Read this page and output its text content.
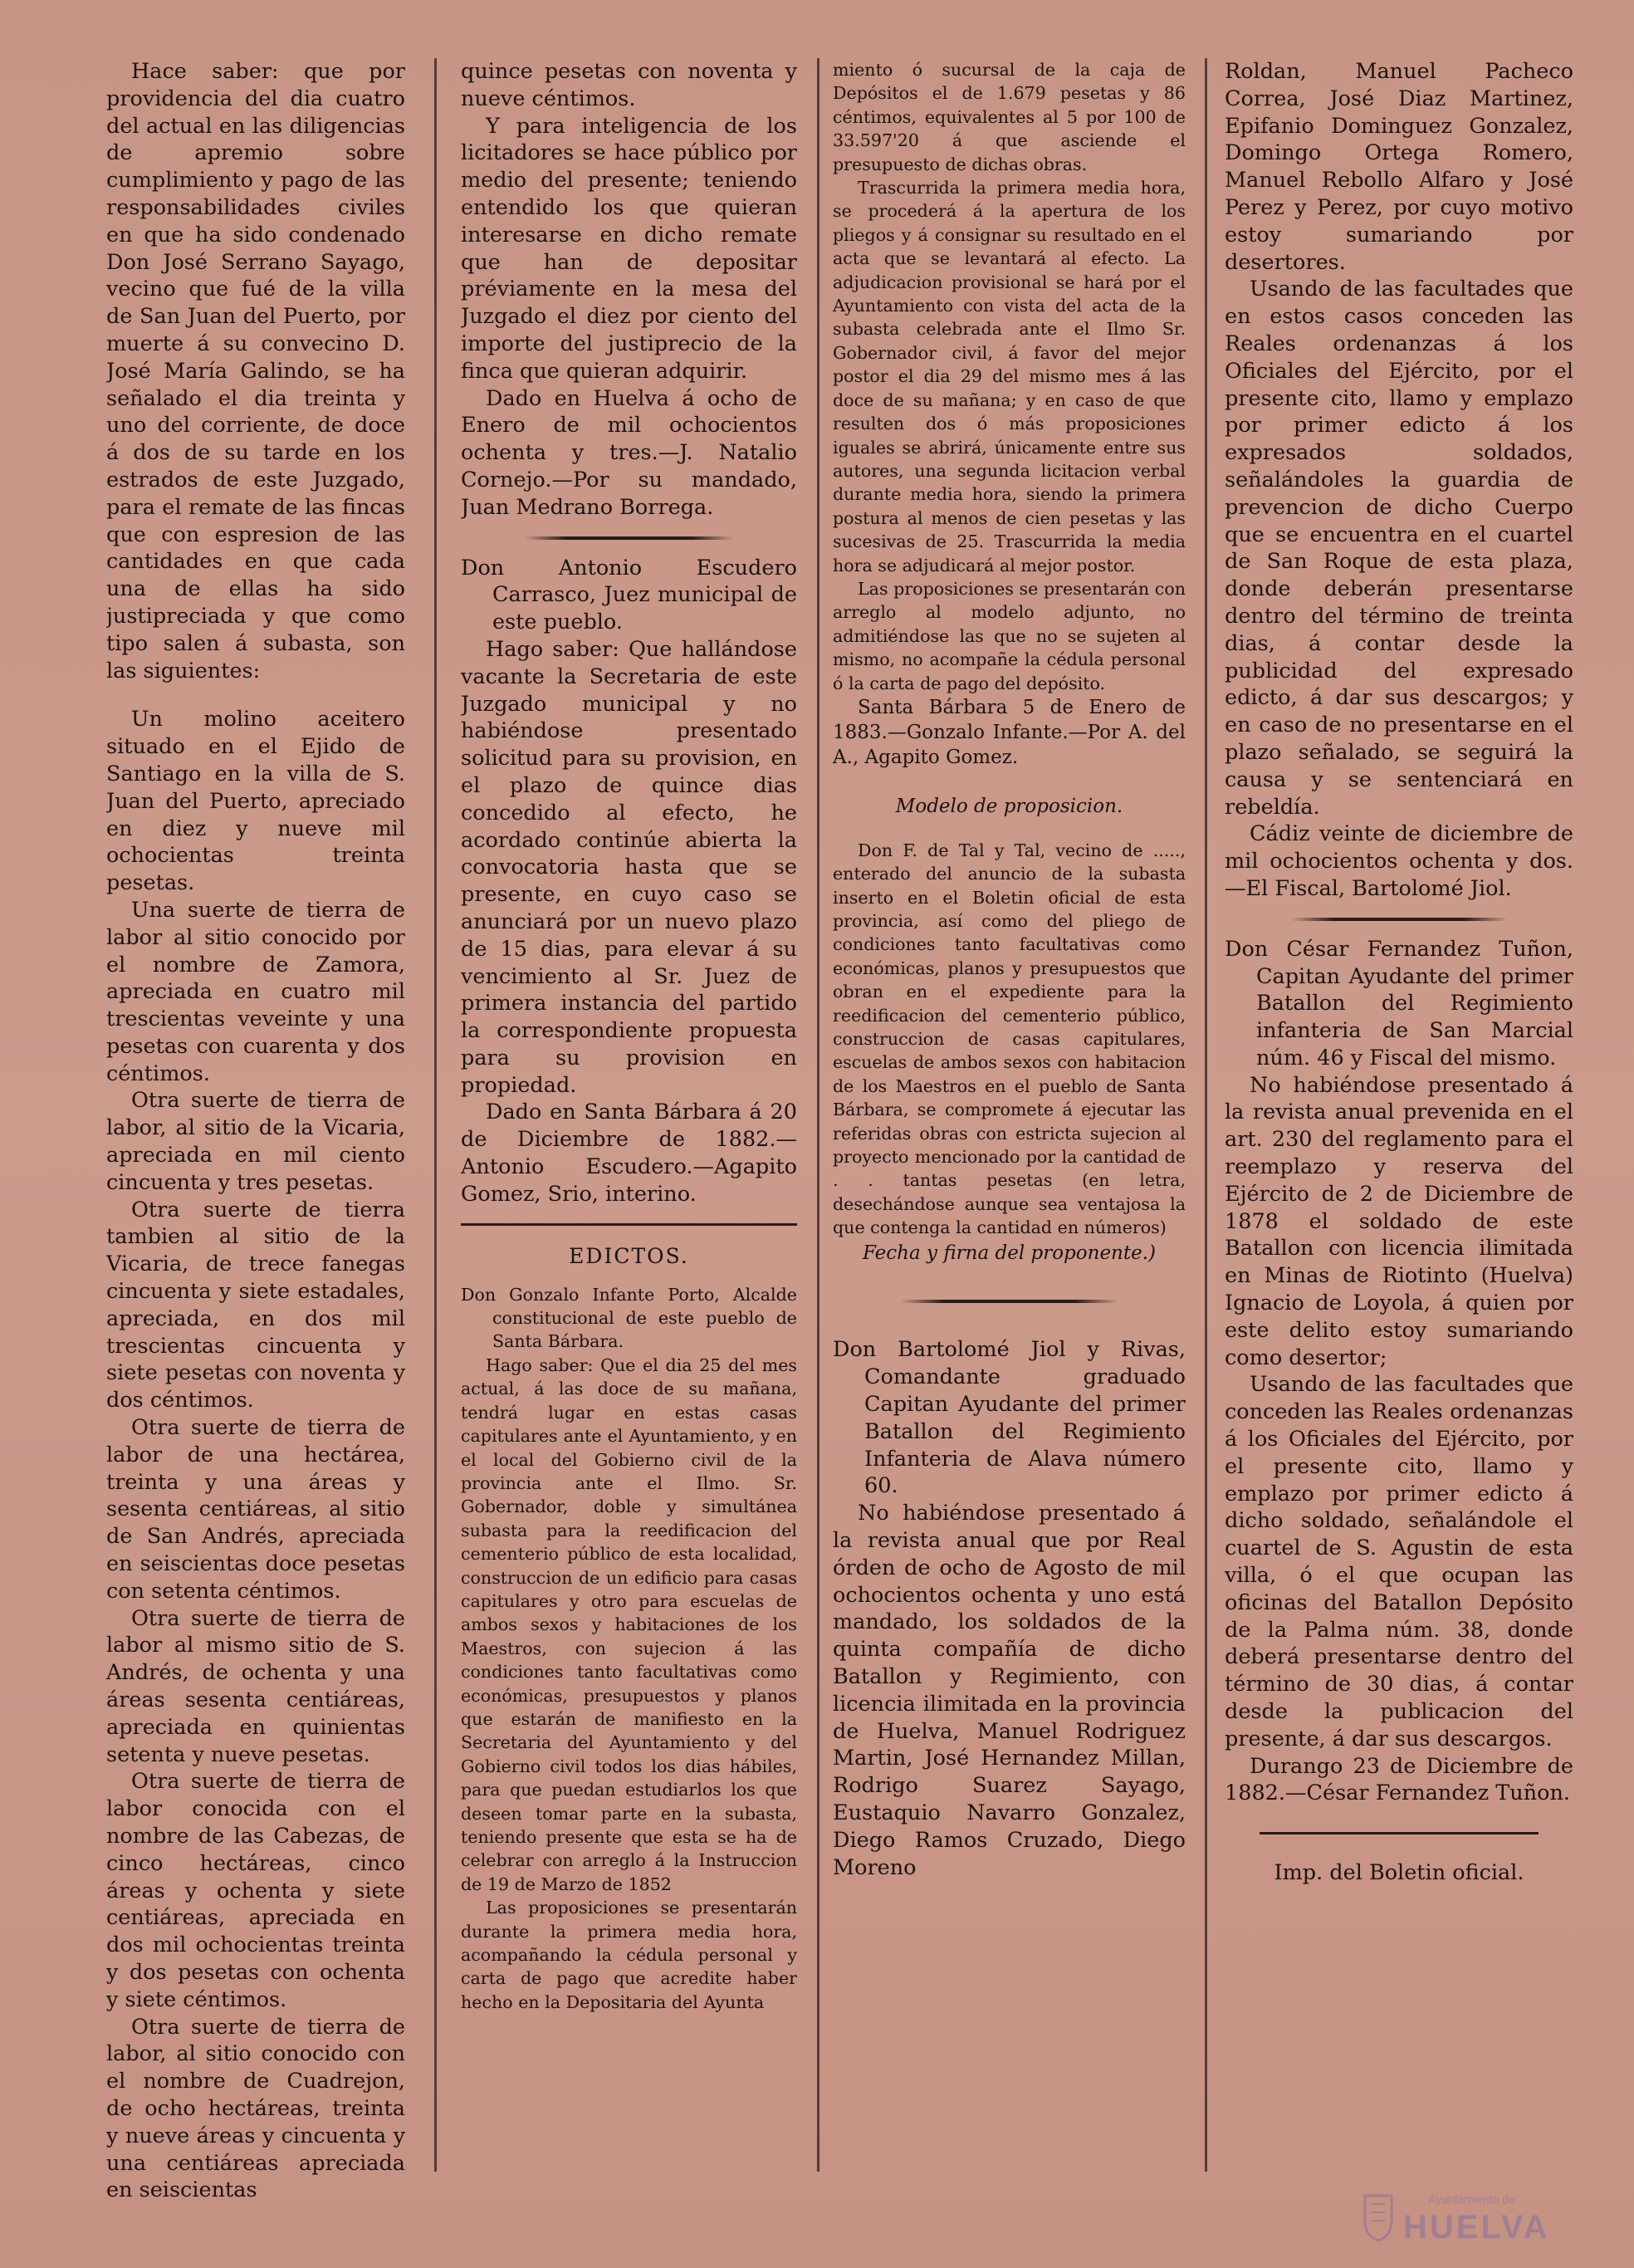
Hace saber: que por providencia del dia cuatro del actual en las diligencias de apremio sobre cumplimiento y pago de las responsabilidades civiles en que ha sido condenado Don José Serrano Sayago, vecino que fué de la villa de San Juan del Puerto, por muerte á su convecino D. José María Galindo, se ha señalado el dia treinta y uno del corriente, de doce á dos de su tarde en los estrados de este Juzgado, para el remate de las fincas que con espresion de las cantidades en que cada una de ellas ha sido justipreciada y que como tipo salen á subasta, son las siguientes:

Un molino aceitero situado en el Ejido de Santiago en la villa de S. Juan del Puerto, apreciado en diez y nueve mil ochocientas treinta pesetas.

Una suerte de tierra de labor al sitio conocido por el nombre de Zamora, apreciada en cuatro mil trescientas veveinte y una pesetas con cuarenta y dos céntimos.

Otra suerte de tierra de labor, al sitio de la Vicaria, apreciada en mil ciento cincuenta y tres pesetas.

Otra suerte de tierra tambien al sitio de la Vicaria, de trece fanegas cincuenta y siete estadales, apreciada, en dos mil trescientas cincuenta y siete pesetas con noventa y dos céntimos.

Otra suerte de tierra de labor de una hectárea, treinta y una áreas y sesenta centiáreas, al sitio de San Andrés, apreciada en seiscientas doce pesetas con setenta céntimos.

Otra suerte de tierra de labor al mismo sitio de S. Andrés, de ochenta y una áreas sesenta centiáreas, apreciada en quinientas setenta y nueve pesetas.

Otra suerte de tierra de labor conocida con el nombre de las Cabezas, de cinco hectáreas, cinco áreas y ochenta y siete centiáreas, apreciada en dos mil ochocientas treinta y dos pesetas con ochenta y siete céntimos.

Otra suerte de tierra de labor, al sitio conocido con el nombre de Cuadrejon, de ocho hectáreas, treinta y nueve áreas y cincuenta y una centiáreas apreciada en seiscientas

quince pesetas con noventa y nueve céntimos.

Y para inteligencia de los licitadores se hace público por medio del presente; teniendo entendido los que quieran interesarse en dicho remate que han de depositar préviamente en la mesa del Juzgado el diez por ciento del importe del justiprecio de la finca que quieran adquirir.

Dado en Huelva á ocho de Enero de mil ochocientos ochenta y tres.—J. Natalio Cornejo.—Por su mandado, Juan Medrano Borrega.

Don Antonio Escudero Carrasco, Juez municipal de este pueblo.

Hago saber: Que hallándose vacante la Secretaria de este Juzgado municipal y no habiéndose presentado solicitud para su provision, en el plazo de quince dias concedido al efecto, he acordado continúe abierta la convocatoria hasta que se presente, en cuyo caso se anunciará por un nuevo plazo de 15 dias, para elevar á su vencimiento al Sr. Juez de primera instancia del partido la correspondiente propuesta para su provision en propiedad.

Dado en Santa Bárbara á 20 de Diciembre de 1882.—Antonio Escudero.—Agapito Gomez, Srio, interino.

EDICTOS.

Don Gonzalo Infante Porto, Alcalde constitucional de este pueblo de Santa Bárbara.

Hago saber: Que el dia 25 del mes actual, á las doce de su mañana, tendrá lugar en estas casas capitulares ante el Ayuntamiento, y en el local del Gobierno civil de la provincia ante el Ilmo. Sr. Gobernador, doble y simultánea subasta para la reedificacion del cementerio público de esta localidad, construccion de un edificio para casas capitulares y otro para escuelas de ambos sexos y habitaciones de los Maestros, con sujecion á las condiciones tanto facultativas como económicas, presupuestos y planos que estarán de manifiesto en la Secretaria del Ayuntamiento y del Gobierno civil todos los dias hábiles, para que puedan estudiarlos los que deseen tomar parte en la subasta, teniendo presente que esta se ha de celebrar con arreglo á la Instruccion de 19 de Marzo de 1852

Las proposiciones se presentarán durante la primera media hora, acompañando la cédula personal y carta de pago que acredite haber hecho en la Depositaria del Ayunta

miento ó sucursal de la caja de Depósitos el de 1.679 pesetas y 86 céntimos, equivalentes al 5 por 100 de 33.597'20 á que asciende el presupuesto de dichas obras.

Trascurrida la primera media hora, se procederá á la apertura de los pliegos y á consignar su resultado en el acta que se levantará al efecto. La adjudicacion provisional se hará por el Ayuntamiento con vista del acta de la subasta celebrada ante el Ilmo Sr. Gobernador civil, á favor del mejor postor el dia 29 del mismo mes á las doce de su mañana; y en caso de que resulten dos ó más proposiciones iguales se abrirá, únicamente entre sus autores, una segunda licitacion verbal durante media hora, siendo la primera postura al menos de cien pesetas y las sucesivas de 25. Trascurrida la media hora se adjudicará al mejor postor.

Las proposiciones se presentarán con arreglo al modelo adjunto, no admitiéndose las que no se sujeten al mismo, no acompañe la cédula personal ó la carta de pago del depósito.

Santa Bárbara 5 de Enero de 1883.—Gonzalo Infante.—Por A. del A., Agapito Gomez.

Modelo de proposicion.

Don F. de Tal y Tal, vecino de ....., enterado del anuncio de la subasta inserto en el Boletin oficial de esta provincia, así como del pliego de condiciones tanto facultativas como económicas, planos y presupuestos que obran en el expediente para la reedificacion del cementerio público, construccion de casas capitulares, escuelas de ambos sexos con habitacion de los Maestros en el pueblo de Santa Bárbara, se compromete á ejecutar las referidas obras con estricta sujecion al proyecto mencionado por la cantidad de . . tantas pesetas (en letra, desechándose aunque sea ventajosa la que contenga la cantidad en números)

Fecha y firna del proponente.)

Don Bartolomé Jiol y Rivas, Comandante graduado Capitan Ayudante del primer Batallon del Regimiento Infanteria de Alava número 60.

No habiéndose presentado á la revista anual que por Real órden de ocho de Agosto de mil ochocientos ochenta y uno está mandado, los soldados de la quinta compañía de dicho Batallon y Regimiento, con licencia ilimitada en la provincia de Huelva, Manuel Rodriguez Martin, José Hernandez Millan, Rodrigo Suarez Sayago, Eustaquio Navarro Gonzalez, Diego Ramos Cruzado, Diego Moreno

Roldan, Manuel Pacheco Correa, José Diaz Martinez, Epifanio Dominguez Gonzalez, Domingo Ortega Romero, Manuel Rebollo Alfaro y José Perez y Perez, por cuyo motivo estoy sumariando por desertores.

Usando de las facultades que en estos casos conceden las Reales ordenanzas á los Oficiales del Ejército, por el presente cito, llamo y emplazo por primer edicto á los expresados soldados, señalándoles la guardia de prevencion de dicho Cuerpo que se encuentra en el cuartel de San Roque de esta plaza, donde deberán presentarse dentro del término de treinta dias, á contar desde la publicidad del expresado edicto, á dar sus descargos; y en caso de no presentarse en el plazo señalado, se seguirá la causa y se sentenciará en rebeldía.

Cádiz veinte de diciembre de mil ochocientos ochenta y dos.—El Fiscal, Bartolomé Jiol.

Don César Fernandez Tuñon, Capitan Ayudante del primer Batallon del Regimiento infanteria de San Marcial núm. 46 y Fiscal del mismo.

No habiéndose presentado á la revista anual prevenida en el art. 230 del reglamento para el reemplazo y reserva del Ejército de 2 de Diciembre de 1878 el soldado de este Batallon con licencia ilimitada en Minas de Riotinto (Huelva) Ignacio de Loyola, á quien por este delito estoy sumariando como desertor;

Usando de las facultades que conceden las Reales ordenanzas á los Oficiales del Ejército, por el presente cito, llamo y emplazo por primer edicto á dicho soldado, señalándole el cuartel de S. Agustin de esta villa, ó el que ocupan las oficinas del Batallon Depósito de la Palma núm. 38, donde deberá presentarse dentro del término de 30 dias, á contar desde la publicacion del presente, á dar sus descargos.

Durango 23 de Diciembre de 1882.—César Fernandez Tuñon.

Imp. del Boletin oficial.

Ayuntamiento de
HUELVA
